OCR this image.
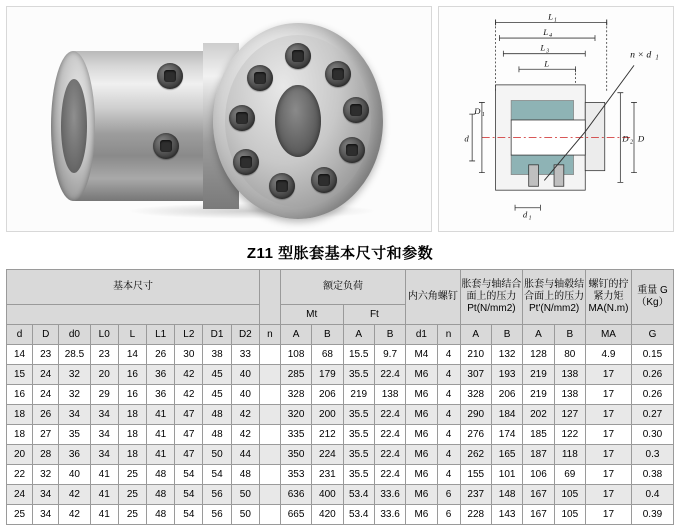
L 1
L 4
L 3
L
D 1
d	D 2 D
d 1
n × d 1
Z11 型胀套基本尺寸和参数
基本尺寸										额定负荷				内六角螺钉		胀套与轴结合面上的压力 Pt(N/mm2)		胀套与轴毂结合面上的压力 Pt'(N/mm2)		螺钉的拧紧力矩 MA(N.m)	重量 G（Kg）
										Mt		Ft									
d	D	d0	L0	L	L1	L2	D1	D2	n	A	B	A	B	d1	n	A	B	A	B	MA	G
14	23	28.5	23	14	26	30	38	33		108	68	15.5	9.7	M4	4	210	132	128	80	4.9	0.15
15	24	32	20	16	36	42	45	40		285	179	35.5	22.4	M6	4	307	193	219	138	17	0.26
16	24	32	29	16	36	42	45	40		328	206	219	138	M6	4	328	206	219	138	17	0.26
18	26	34	34	18	41	47	48	42		320	200	35.5	22.4	M6	4	290	184	202	127	17	0.27
18	27	35	34	18	41	47	48	42		335	212	35.5	22.4	M6	4	276	174	185	122	17	0.30
20	28	36	34	18	41	47	50	44		350	224	35.5	22.4	M6	4	262	165	187	118	17	0.3
22	32	40	41	25	48	54	54	48		353	231	35.5	22.4	M6	4	155	101	106	69	17	0.38
24	34	42	41	25	48	54	56	50		636	400	53.4	33.6	M6	6	237	148	167	105	17	0.4
25	34	42	41	25	48	54	56	50		665	420	53.4	33.6	M6	6	228	143	167	105	17	0.39
